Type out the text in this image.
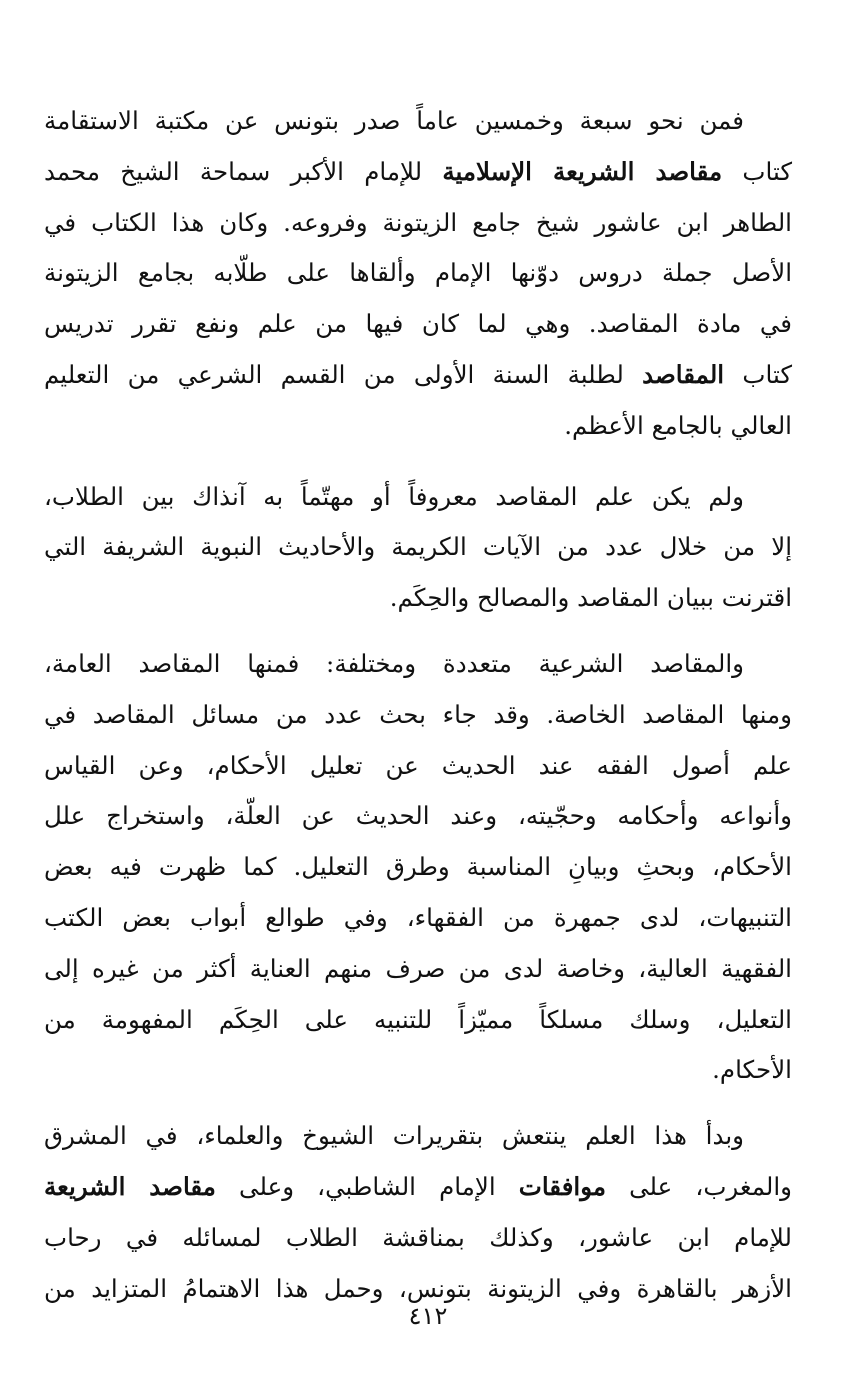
فمن نحو سبعة وخمسين عاماً صدر بتونس عن مكتبة الاستقامة
كتاب مقاصد الشريعة الإسلامية للإمام الأكبر سماحة الشيخ محمد
الطاهر ابن عاشور شيخ جامع الزيتونة وفروعه. وكان هذا الكتاب في
الأصل جملة دروس دوّنها الإمام وألقاها على طلّابه بجامع الزيتونة
في مادة المقاصد. وهي لما كان فيها من علم ونفع تقرر تدريس
كتاب المقاصد لطلبة السنة الأولى من القسم الشرعي من التعليم
العالي بالجامع الأعظم.
ولم يكن علم المقاصد معروفاً أو مهتّماً به آنذاك بين الطلاب،
إلا من خلال عدد من الآيات الكريمة والأحاديث النبوية الشريفة التي
اقترنت ببيان المقاصد والمصالح والحِكَم.
والمقاصد الشرعية متعددة ومختلفة: فمنها المقاصد العامة،
ومنها المقاصد الخاصة. وقد جاء بحث عدد من مسائل المقاصد في
علم أصول الفقه عند الحديث عن تعليل الأحكام، وعن القياس
وأنواعه وأحكامه وحجّيته، وعند الحديث عن العلّة، واستخراج علل
الأحكام، وبحثِ وبيانِ المناسبة وطرق التعليل. كما ظهرت فيه بعض
التنبيهات، لدى جمهرة من الفقهاء، وفي طوالع أبواب بعض الكتب
الفقهية العالية، وخاصة لدى من صرف منهم العناية أكثر من غيره إلى
التعليل، وسلك مسلكاً مميّزاً للتنبيه على الحِكَم المفهومة من
الأحكام.
وبدأ هذا العلم ينتعش بتقريرات الشيوخ والعلماء، في المشرق
والمغرب، على موافقات الإمام الشاطبي، وعلى مقاصد الشريعة
للإمام ابن عاشور، وكذلك بمناقشة الطلاب لمسائله في رحاب
الأزهر بالقاهرة وفي الزيتونة بتونس، وحمل هذا الاهتمامُ المتزايد من
٤١٢
